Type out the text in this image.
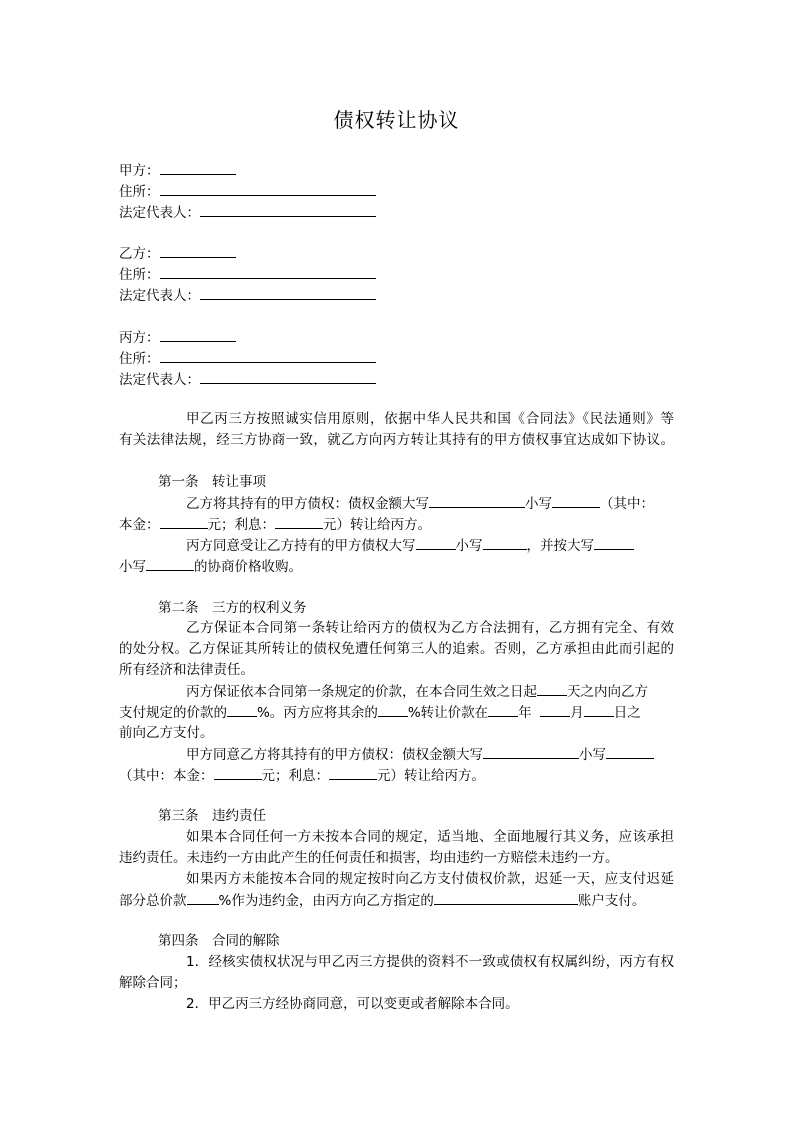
债权转让协议
甲方：
住所：
法定代表人：
乙方：
住所：
法定代表人：
丙方：
住所：
法定代表人：
甲乙丙三方按照诚实信用原则，依据中华人民共和国《合同法》《民法通则》等
有关法律法规，经三方协商一致，就乙方向丙方转让其持有的甲方债权事宜达成如下协议。
第一条　转让事项
乙方将其持有的甲方债权：债权金额大写	小写	（其中：
本金：	元；利息：	元）转让给丙方。
丙方同意受让乙方持有的甲方债权大写	小写	，并按大写
小写	的协商价格收购。
第二条　三方的权利义务
乙方保证本合同第一条转让给丙方的债权为乙方合法拥有，乙方拥有完全、有效
的处分权。乙方保证其所转让的债权免遭任何第三人的追索。否则，乙方承担由此而引起的
所有经济和法律责任。
丙方保证依本合同第一条规定的价款，在本合同生效之日起 天之内向乙方
支付规定的价款的 %。丙方应将其余的 %转让价款在 年	月 日之
前向乙方支付。
甲方同意乙方将其持有的甲方债权：债权金额大写	小写
（其中：本金：	元；利息：	元）转让给丙方。
第三条　违约责任
如果本合同任何一方未按本合同的规定，适当地、全面地履行其义务，应该承担
违约责任。未违约一方由此产生的任何责任和损害，均由违约一方赔偿未违约一方。
如果丙方未能按本合同的规定按时向乙方支付债权价款，迟延一天，应支付迟延
部分总价款 %作为违约金，由丙方向乙方指定的	账户支付。
第四条　合同的解除
1．经核实债权状况与甲乙丙三方提供的资料不一致或债权有权属纠纷，丙方有权
解除合同；
2．甲乙丙三方经协商同意，可以变更或者解除本合同。
